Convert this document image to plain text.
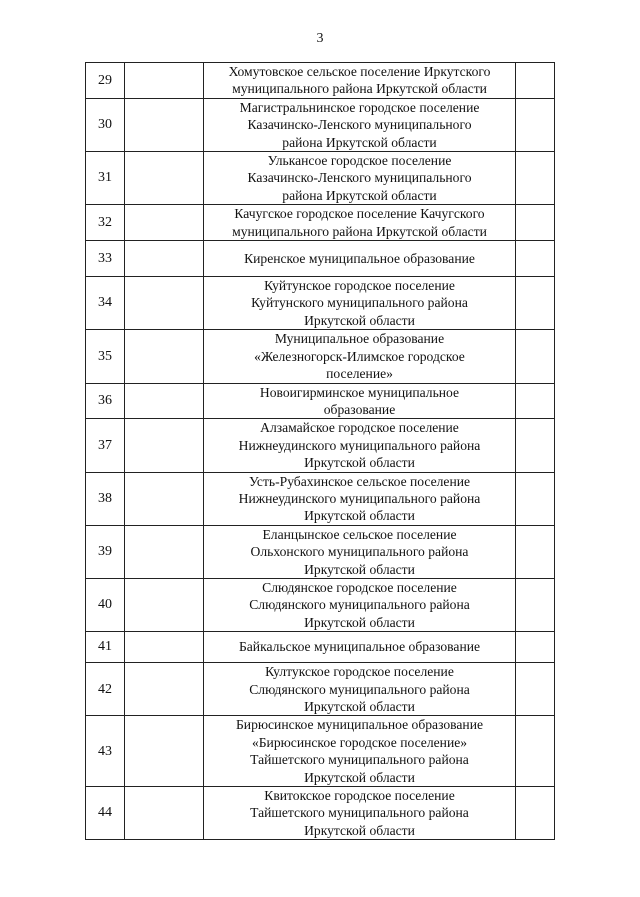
3
29		Хомутовское сельское поселение Иркутского
муниципального района Иркутской области	

30		Магистральнинское городское поселение
Казачинско-Ленского муниципального
района Иркутской области	

31		Улькансое городское поселение
Казачинско-Ленского муниципального
района Иркутской области	

32		Качугское городское поселение Качугского
муниципального района Иркутской области	

33		Киренское муниципальное образование	

34		Куйтунское городское поселение
Куйтунского муниципального района
Иркутской области	

35		Муниципальное образование
«Железногорск-Илимское городское
поселение»	

36		Новоигирминское муниципальное
образование	

37		Алзамайское городское поселение
Нижнеудинского муниципального района
Иркутской области	

38		Усть-Рубахинское сельское поселение
Нижнеудинского муниципального района
Иркутской области	

39		Еланцынское сельское поселение
Ольхонского муниципального района
Иркутской области	

40		Слюдянское городское поселение
Слюдянского муниципального района
Иркутской области	

41		Байкальское муниципальное образование	

42		Култукское городское поселение
Слюдянского муниципального района
Иркутской области	

43		Бирюсинское муниципальное образование
«Бирюсинское городское поселение»
Тайшетского муниципального района
Иркутской области	

44		Квитокское городское поселение
Тайшетского муниципального района
Иркутской области	
